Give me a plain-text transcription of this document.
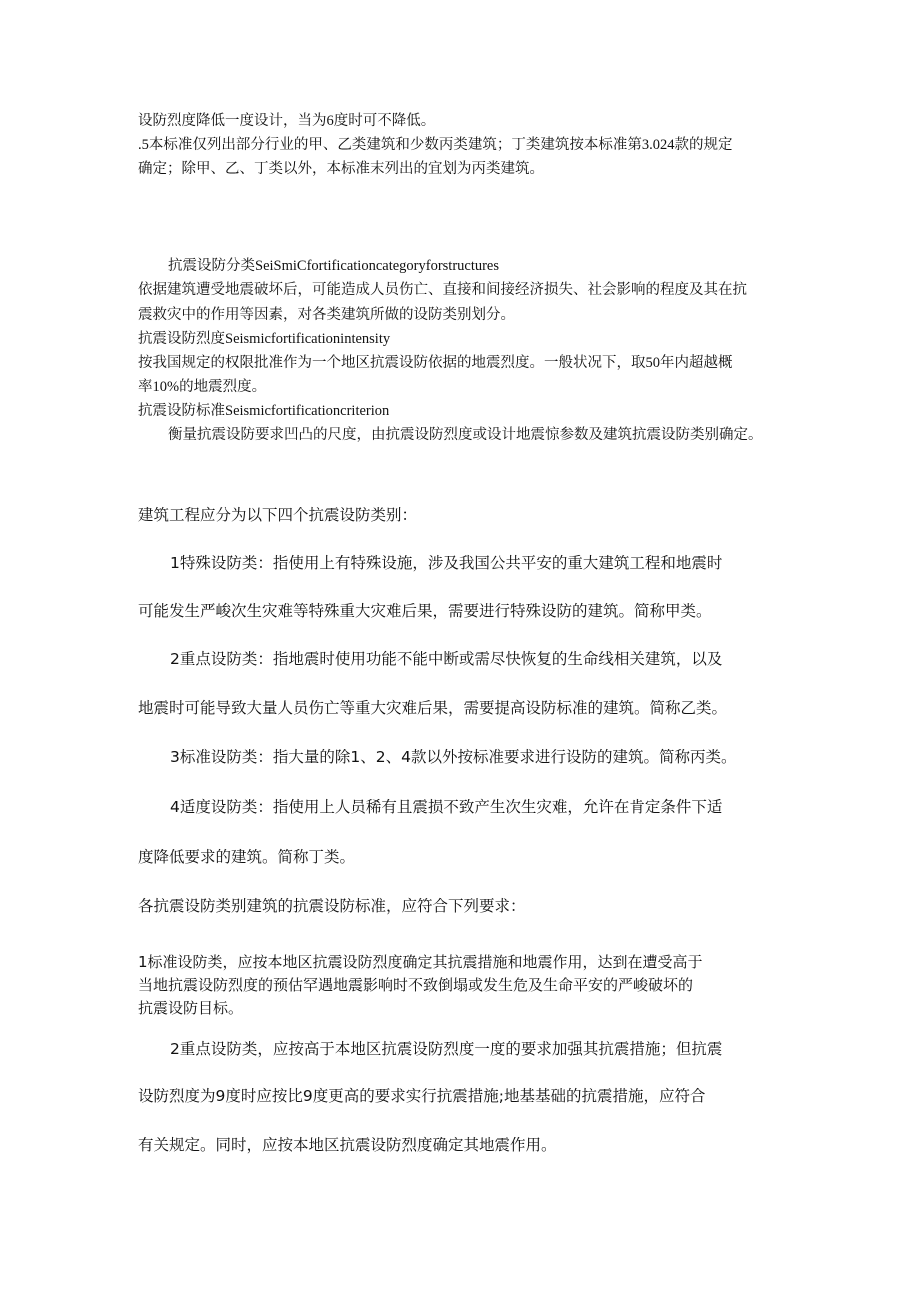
设防烈度降低一度设计，当为6度时可不降低。

.5本标准仅列出部分行业的甲、乙类建筑和少数丙类建筑；丁类建筑按本标准第3.024款的规定

确定；除甲、乙、丁类以外，本标准末列出的宜划为丙类建筑。

抗震设防分类SeiSmiCfortificationcategoryforstructures

依据建筑遭受地震破坏后，可能造成人员伤亡、直接和间接经济损失、社会影响的程度及其在抗

震救灾中的作用等因素，对各类建筑所做的设防类别划分。

抗震设防烈度Seismicfortificationintensity

按我国规定的权限批准作为一个地区抗震设防依据的地震烈度。一般状况下，取50年内超越概

率10%的地震烈度。

抗震设防标准Seismicfortificationcriterion

衡量抗震设防要求凹凸的尺度，由抗震设防烈度或设计地震惊参数及建筑抗震设防类别确定。

建筑工程应分为以下四个抗震设防类别：

1特殊设防类：指使用上有特殊设施，涉及我国公共平安的重大建筑工程和地震时

可能发生严峻次生灾难等特殊重大灾难后果，需要进行特殊设防的建筑。简称甲类。

2重点设防类：指地震时使用功能不能中断或需尽快恢复的生命线相关建筑，以及

地震时可能导致大量人员伤亡等重大灾难后果，需要提高设防标准的建筑。简称乙类。

3标准设防类：指大量的除1、2、4款以外按标准要求进行设防的建筑。简称丙类。

4适度设防类：指使用上人员稀有且震损不致产生次生灾难，允许在肯定条件下适

度降低要求的建筑。简称丁类。

各抗震设防类别建筑的抗震设防标准，应符合下列要求：

1标准设防类，应按本地区抗震设防烈度确定其抗震措施和地震作用，达到在遭受高于

当地抗震设防烈度的预估罕遇地震影响时不致倒塌或发生危及生命平安的严峻破坏的

抗震设防目标。

2重点设防类，应按高于本地区抗震设防烈度一度的要求加强其抗震措施；但抗震

设防烈度为9度时应按比9度更高的要求实行抗震措施;地基基础的抗震措施，应符合

有关规定。同时，应按本地区抗震设防烈度确定其地震作用。
